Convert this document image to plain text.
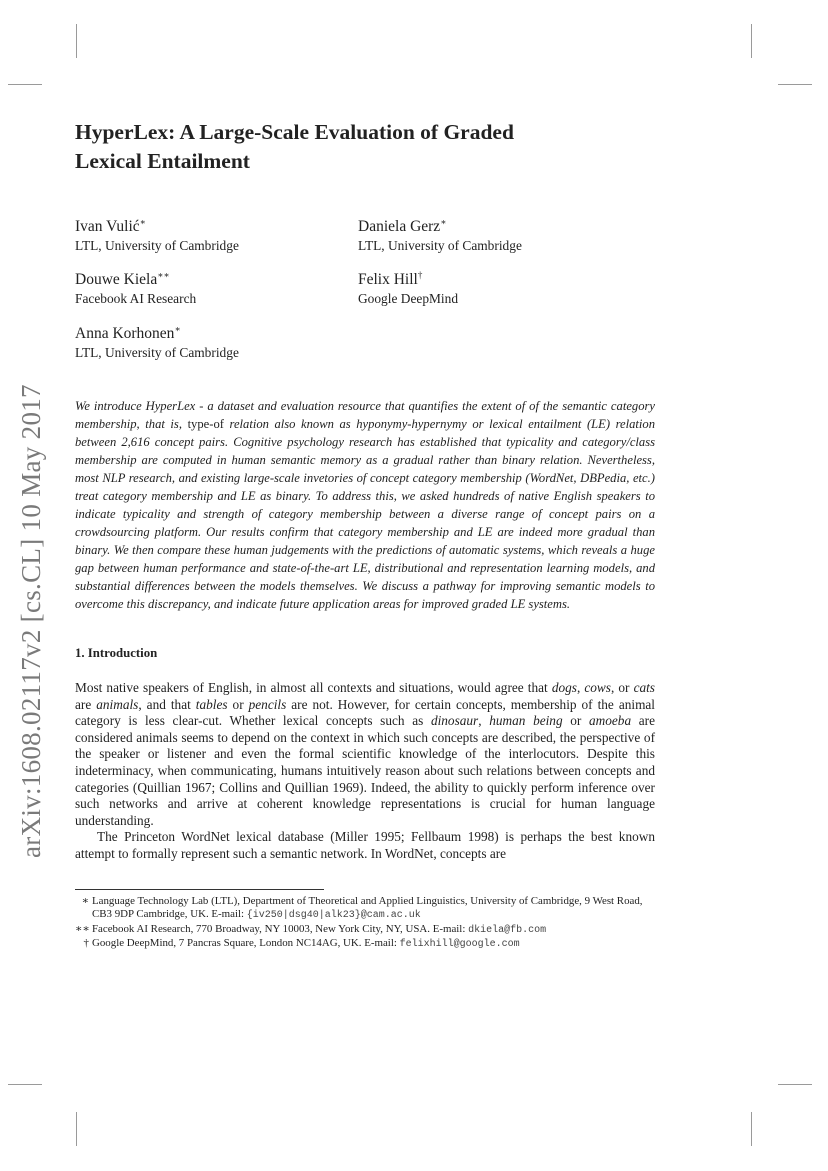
arXiv:1608.02117v2 [cs.CL] 10 May 2017
HyperLex: A Large-Scale Evaluation of Graded
Lexical Entailment
Ivan Vulić∗
LTL, University of Cambridge
Daniela Gerz∗
LTL, University of Cambridge
Douwe Kiela∗∗
Facebook AI Research
Felix Hill†
Google DeepMind
Anna Korhonen∗
LTL, University of Cambridge

We introduce HyperLex - a dataset and evaluation resource that quantifies the extent of of the semantic category membership, that is, type-of relation also known as hyponymy-hypernymy or lexical entailment (LE) relation between 2,616 concept pairs. Cognitive psychology research has established that typicality and category/class membership are computed in human semantic memory as a gradual rather than binary relation. Nevertheless, most NLP research, and existing large-scale invetories of concept category membership (WordNet, DBPedia, etc.) treat category membership and LE as binary. To address this, we asked hundreds of native English speakers to indicate typicality and strength of category membership between a diverse range of concept pairs on a crowdsourcing platform. Our results confirm that category membership and LE are indeed more gradual than binary. We then compare these human judgements with the predictions of automatic systems, which reveals a huge gap between human performance and state-of-the-art LE, distributional and representation learning models, and substantial differences between the models themselves. We discuss a pathway for improving semantic models to overcome this discrepancy, and indicate future application areas for improved graded LE systems.

1. Introduction

Most native speakers of English, in almost all contexts and situations, would agree that dogs, cows, or cats are animals, and that tables or pencils are not. However, for certain concepts, membership of the animal category is less clear-cut. Whether lexical concepts such as dinosaur, human being or amoeba are considered animals seems to depend on the context in which such concepts are described, the perspective of the speaker or listener and even the formal scientific knowledge of the interlocutors. Despite this indeterminacy, when communicating, humans intuitively reason about such relations between concepts and categories (Quillian 1967; Collins and Quillian 1969). Indeed, the ability to quickly perform inference over such networks and arrive at coherent knowledge representations is crucial for human language understanding.

The Princeton WordNet lexical database (Miller 1995; Fellbaum 1998) is perhaps the best known attempt to formally represent such a semantic network. In WordNet, concepts are

∗ Language Technology Lab (LTL), Department of Theoretical and Applied Linguistics, University of Cambridge, 9 West Road, CB3 9DP Cambridge, UK. E-mail: {iv250|dsg40|alk23}@cam.ac.uk
∗∗ Facebook AI Research, 770 Broadway, NY 10003, New York City, NY, USA. E-mail: dkiela@fb.com
† Google DeepMind, 7 Pancras Square, London NC14AG, UK. E-mail: felixhill@google.com
